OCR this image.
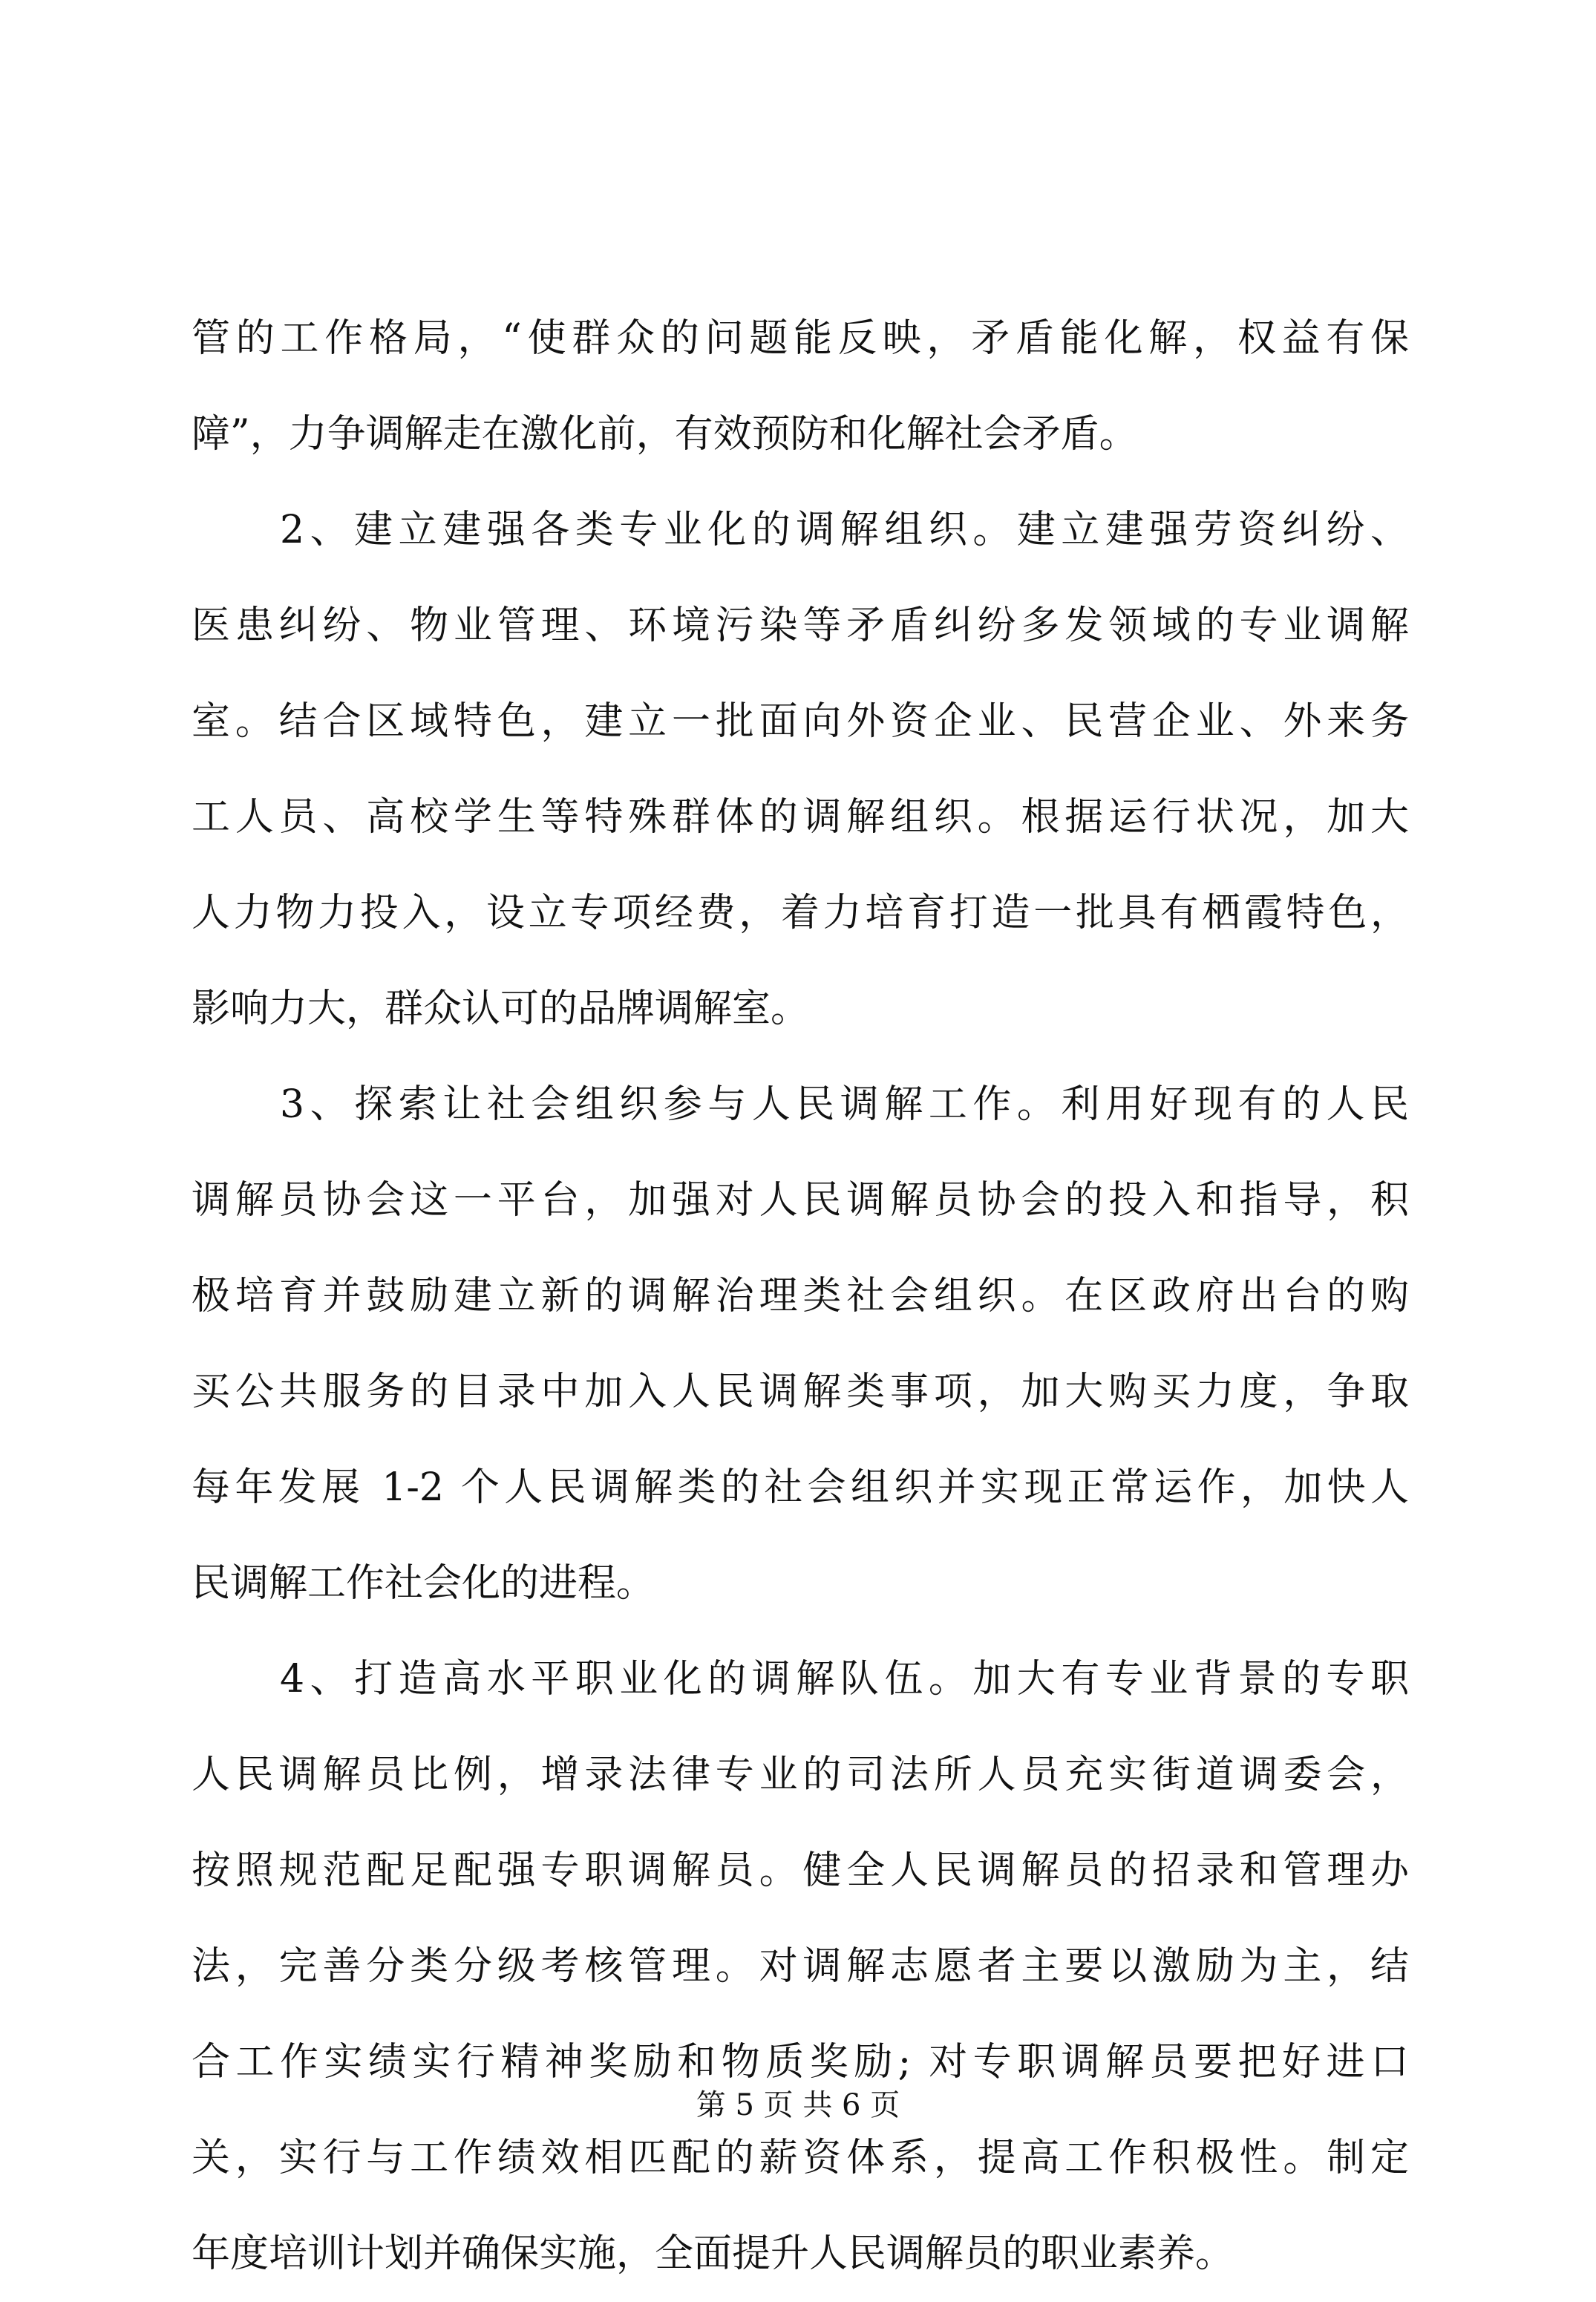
管的工作格局，“使群众的问题能反映，矛盾能化解，权益有保
障”，力争调解走在激化前，有效预防和化解社会矛盾。
　　2、建立建强各类专业化的调解组织。建立建强劳资纠纷、
医患纠纷、物业管理、环境污染等矛盾纠纷多发领域的专业调解
室。结合区域特色，建立一批面向外资企业、民营企业、外来务
工人员、高校学生等特殊群体的调解组织。根据运行状况，加大
人力物力投入，设立专项经费，着力培育打造一批具有栖霞特色，
影响力大，群众认可的品牌调解室。
　　3、探索让社会组织参与人民调解工作。利用好现有的人民
调解员协会这一平台，加强对人民调解员协会的投入和指导，积
极培育并鼓励建立新的调解治理类社会组织。在区政府出台的购
买公共服务的目录中加入人民调解类事项，加大购买力度，争取
每年发展 1-2 个人民调解类的社会组织并实现正常运作，加快人
民调解工作社会化的进程。
　　4、打造高水平职业化的调解队伍。加大有专业背景的专职
人民调解员比例，增录法律专业的司法所人员充实街道调委会，
按照规范配足配强专职调解员。健全人民调解员的招录和管理办
法，完善分类分级考核管理。对调解志愿者主要以激励为主，结
合工作实绩实行精神奖励和物质奖励; 对专职调解员要把好进口
关，实行与工作绩效相匹配的薪资体系，提高工作积极性。制定
年度培训计划并确保实施，全面提升人民调解员的职业素养。
第 5 页 共 6 页
